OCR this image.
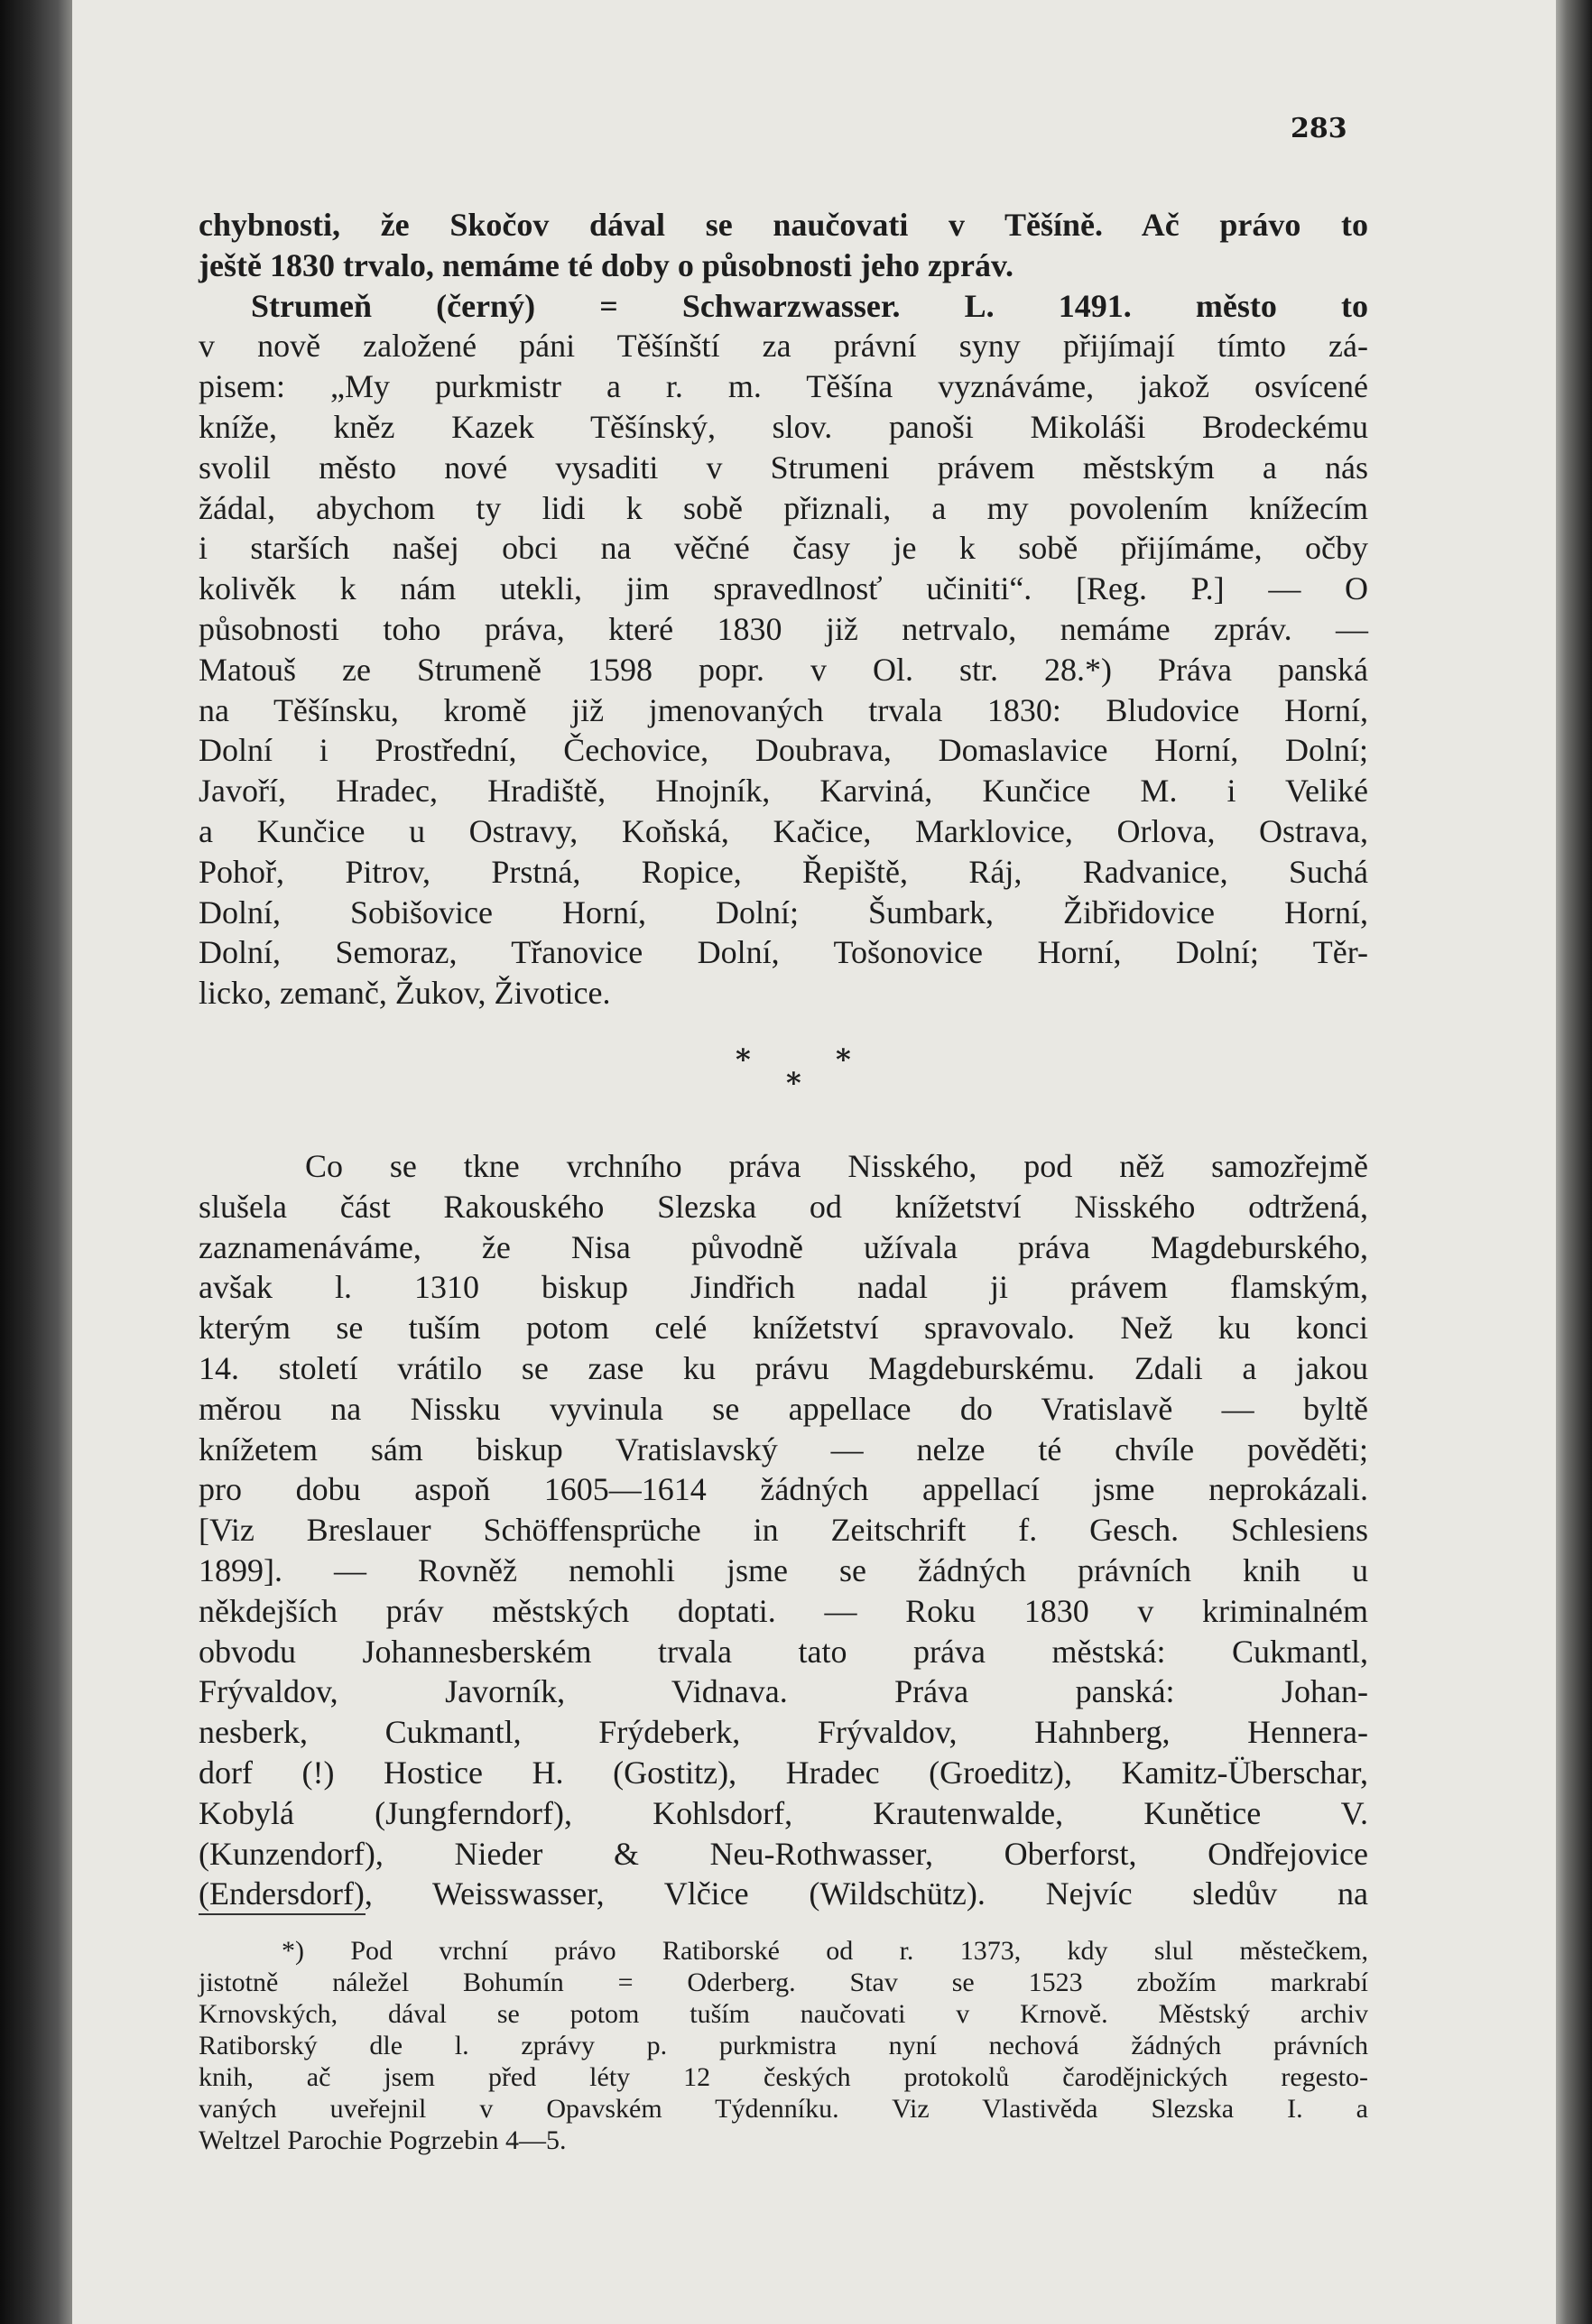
283

chybnosti, že Skočov dával se naučovati v Těšíně. Ač právo to
ještě 1830 trvalo, nemáme té doby o působnosti jeho zpráv.
Strumeň (černý) = Schwarzwasser. L. 1491. město to
v nově založené páni Těšínští za právní syny přijímají tímto zá-
pisem: „My purkmistr a r. m. Těšína vyznáváme, jakož osvícené
kníže, kněz Kazek Těšínský, slov. panoši Mikoláši Brodeckému
svolil město nové vysaditi v Strumeni právem městským a nás
žádal, abychom ty lidi k sobě přiznali, a my povolením knížecím
i starších našej obci na věčné časy je k sobě přijímáme, očby
kolivěk k nám utekli, jim spravedlnosť učiniti“. [Reg. P.] — O
působnosti toho práva, které 1830 již netrvalo, nemáme zpráv. —
Matouš ze Strumeně 1598 popr. v Ol. str. 28.*) Práva panská
na Těšínsku, kromě již jmenovaných trvala 1830: Bludovice Horní,
Dolní i Prostřední, Čechovice, Doubrava, Domaslavice Horní, Dolní;
Javoří, Hradec, Hradiště, Hnojník, Karviná, Kunčice M. i Veliké
a Kunčice u Ostravy, Koňská, Kačice, Marklovice, Orlova, Ostrava,
Pohoř, Pitrov, Prstná, Ropice, Řepiště, Ráj, Radvanice, Suchá
Dolní, Sobišovice Horní, Dolní; Šumbark, Žibřidovice Horní,
Dolní, Semoraz, Třanovice Dolní, Tošonovice Horní, Dolní; Těr-
licko, zemanč, Žukov, Životice.

*	*
*

Co se tkne vrchního práva Nisského, pod něž samozřejmě
slušela část Rakouského Slezska od knížetství Nisského odtržená,
zaznamenáváme, že Nisa původně užívala práva Magdeburského,
avšak l. 1310 biskup Jindřich nadal ji právem flamským,
kterým se tuším potom celé knížetství spravovalo. Než ku konci
14. století vrátilo se zase ku právu Magdeburskému. Zdali a jakou
měrou na Nissku vyvinula se appellace do Vratislavě — byltě
knížetem sám biskup Vratislavský — nelze té chvíle pověděti;
pro dobu aspoň 1605—1614 žádných appellací jsme neprokázali.
[Viz Breslauer Schöffensprüche in Zeitschrift f. Gesch. Schlesiens
1899]. — Rovněž nemohli jsme se žádných právních knih u
někdejších práv městských doptati. — Roku 1830 v kriminalném
obvodu Johannesberském trvala tato práva městská: Cukmantl,
Frývaldov, Javorník, Vidnava. Práva panská: Johan-
nesberk, Cukmantl, Frýdeberk, Frývaldov, Hahnberg, Hennera-
dorf (!) Hostice H. (Gostitz), Hradec (Groeditz), Kamitz-Überschar,
Kobylá (Jungferndorf), Kohlsdorf, Krautenwalde, Kunětice V.
(Kunzendorf), Nieder & Neu-Rothwasser, Oberforst, Ondřejovice
(Endersdorf), Weisswasser, Vlčice (Wildschütz). Nejvíc sledův na

*) Pod vrchní právo Ratiborské od r. 1373, kdy slul městečkem,
jistotně náležel Bohumín = Oderberg. Stav se 1523 zbožím markrabí
Krnovských, dával se potom tuším naučovati v Krnově. Městský archiv
Ratiborský dle l. zprávy p. purkmistra nyní nechová žádných právních
knih, ač jsem před léty 12 českých protokolů čarodějnických regesto-
vaných uveřejnil v Opavském Týdenníku. Viz Vlastivěda Slezska I. a
Weltzel Parochie Pogrzebin 4—5.
